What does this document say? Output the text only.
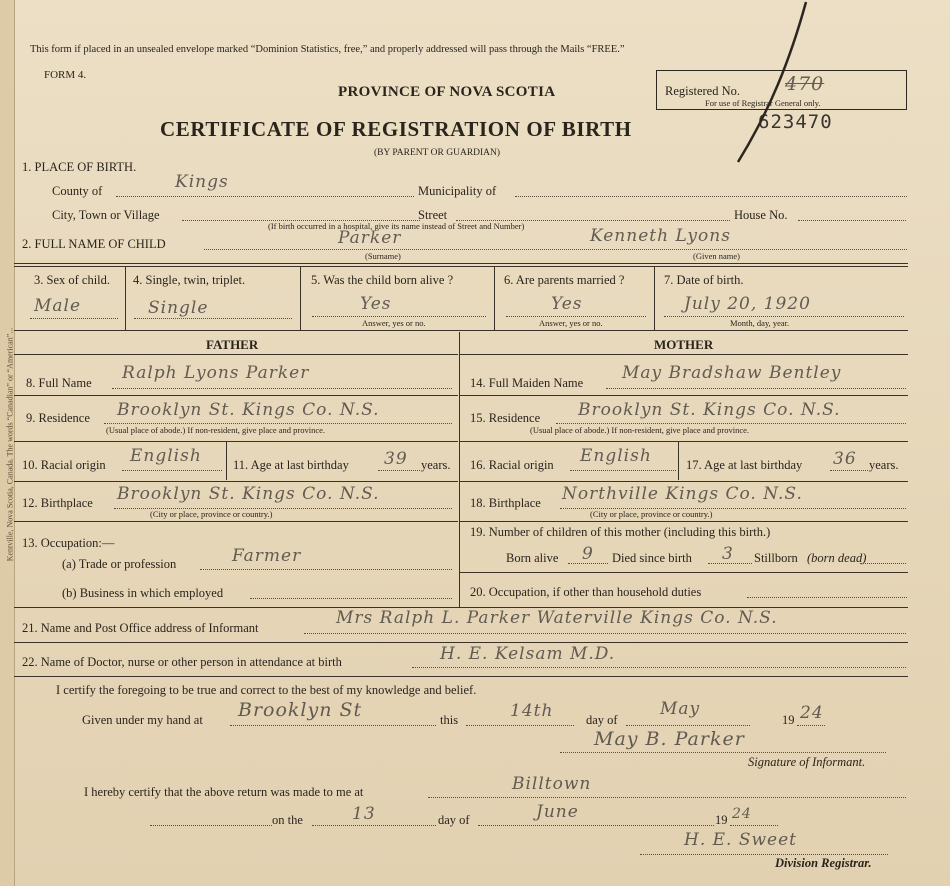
Kentville, Nova Scotia, Canada. The words “Canadian” or “American”...
This form if placed in an unsealed envelope marked “Dominion Statistics, free,” and properly addressed will pass through the Mails “FREE.”
FORM 4.
PROVINCE OF NOVA SCOTIA
CERTIFICATE OF REGISTRATION OF BIRTH
(BY PARENT OR GUARDIAN)
Registered No. 470
For use of Registrar General only.
623470
1. PLACE OF BIRTH.
County of	Kings	Municipality of
City, Town or Village	Street	House No.
(If birth occurred in a hospital, give its name instead of Street and Number)
2. FULL NAME OF CHILD	Parker
(Surname)
Kenneth Lyons
(Given name)
3. Sex of child.
Male
4. Single, twin, triplet.
Single
5. Was the child born alive ?
Yes
Answer, yes or no.
6. Are parents married ?
Yes
Answer, yes or no.
7. Date of birth.
July 20, 1920
Month, day, year.
FATHER	MOTHER
8. Full Name Ralph Lyons Parker
9. Residence Brooklyn St. Kings Co. N.S.
(Usual place of abode.) If non-resident, give place and province.
10. Racial origin English 11. Age at last birthday 39 years.
12. Birthplace Brooklyn St. Kings Co. N.S.
(City or place, province or country.)
13. Occupation:—
(a) Trade or profession	Farmer
(b) Business in which employed
14. Full Maiden Name May Bradshaw Bentley
15. Residence Brooklyn St. Kings Co. N.S.
(Usual place of abode.) If non-resident, give place and province.
16. Racial origin English	17. Age at last birthday 36 years.
18. Birthplace Northville Kings Co. N.S.
(City or place, province or country.)
19. Number of children of this mother (including this birth.)
Born alive 9 Died since birth 3 Stillborn (born dead)
20. Occupation, if other than household duties
21. Name and Post Office address of Informant	Mrs Ralph L. Parker Waterville Kings Co. N.S.
22. Name of Doctor, nurse or other person in attendance at birth	H. E. Kelsam M.D.
I certify the foregoing to be true and correct to the best of my knowledge and belief.
Given under my hand at Brooklyn St	this	14th	day of
May
19 24
May B. Parker
Signature of Informant.
I hereby certify that the above return was made to me at	Billtown
on the	13	day of	June	19 24
H. E. Sweet
Division Registrar.
